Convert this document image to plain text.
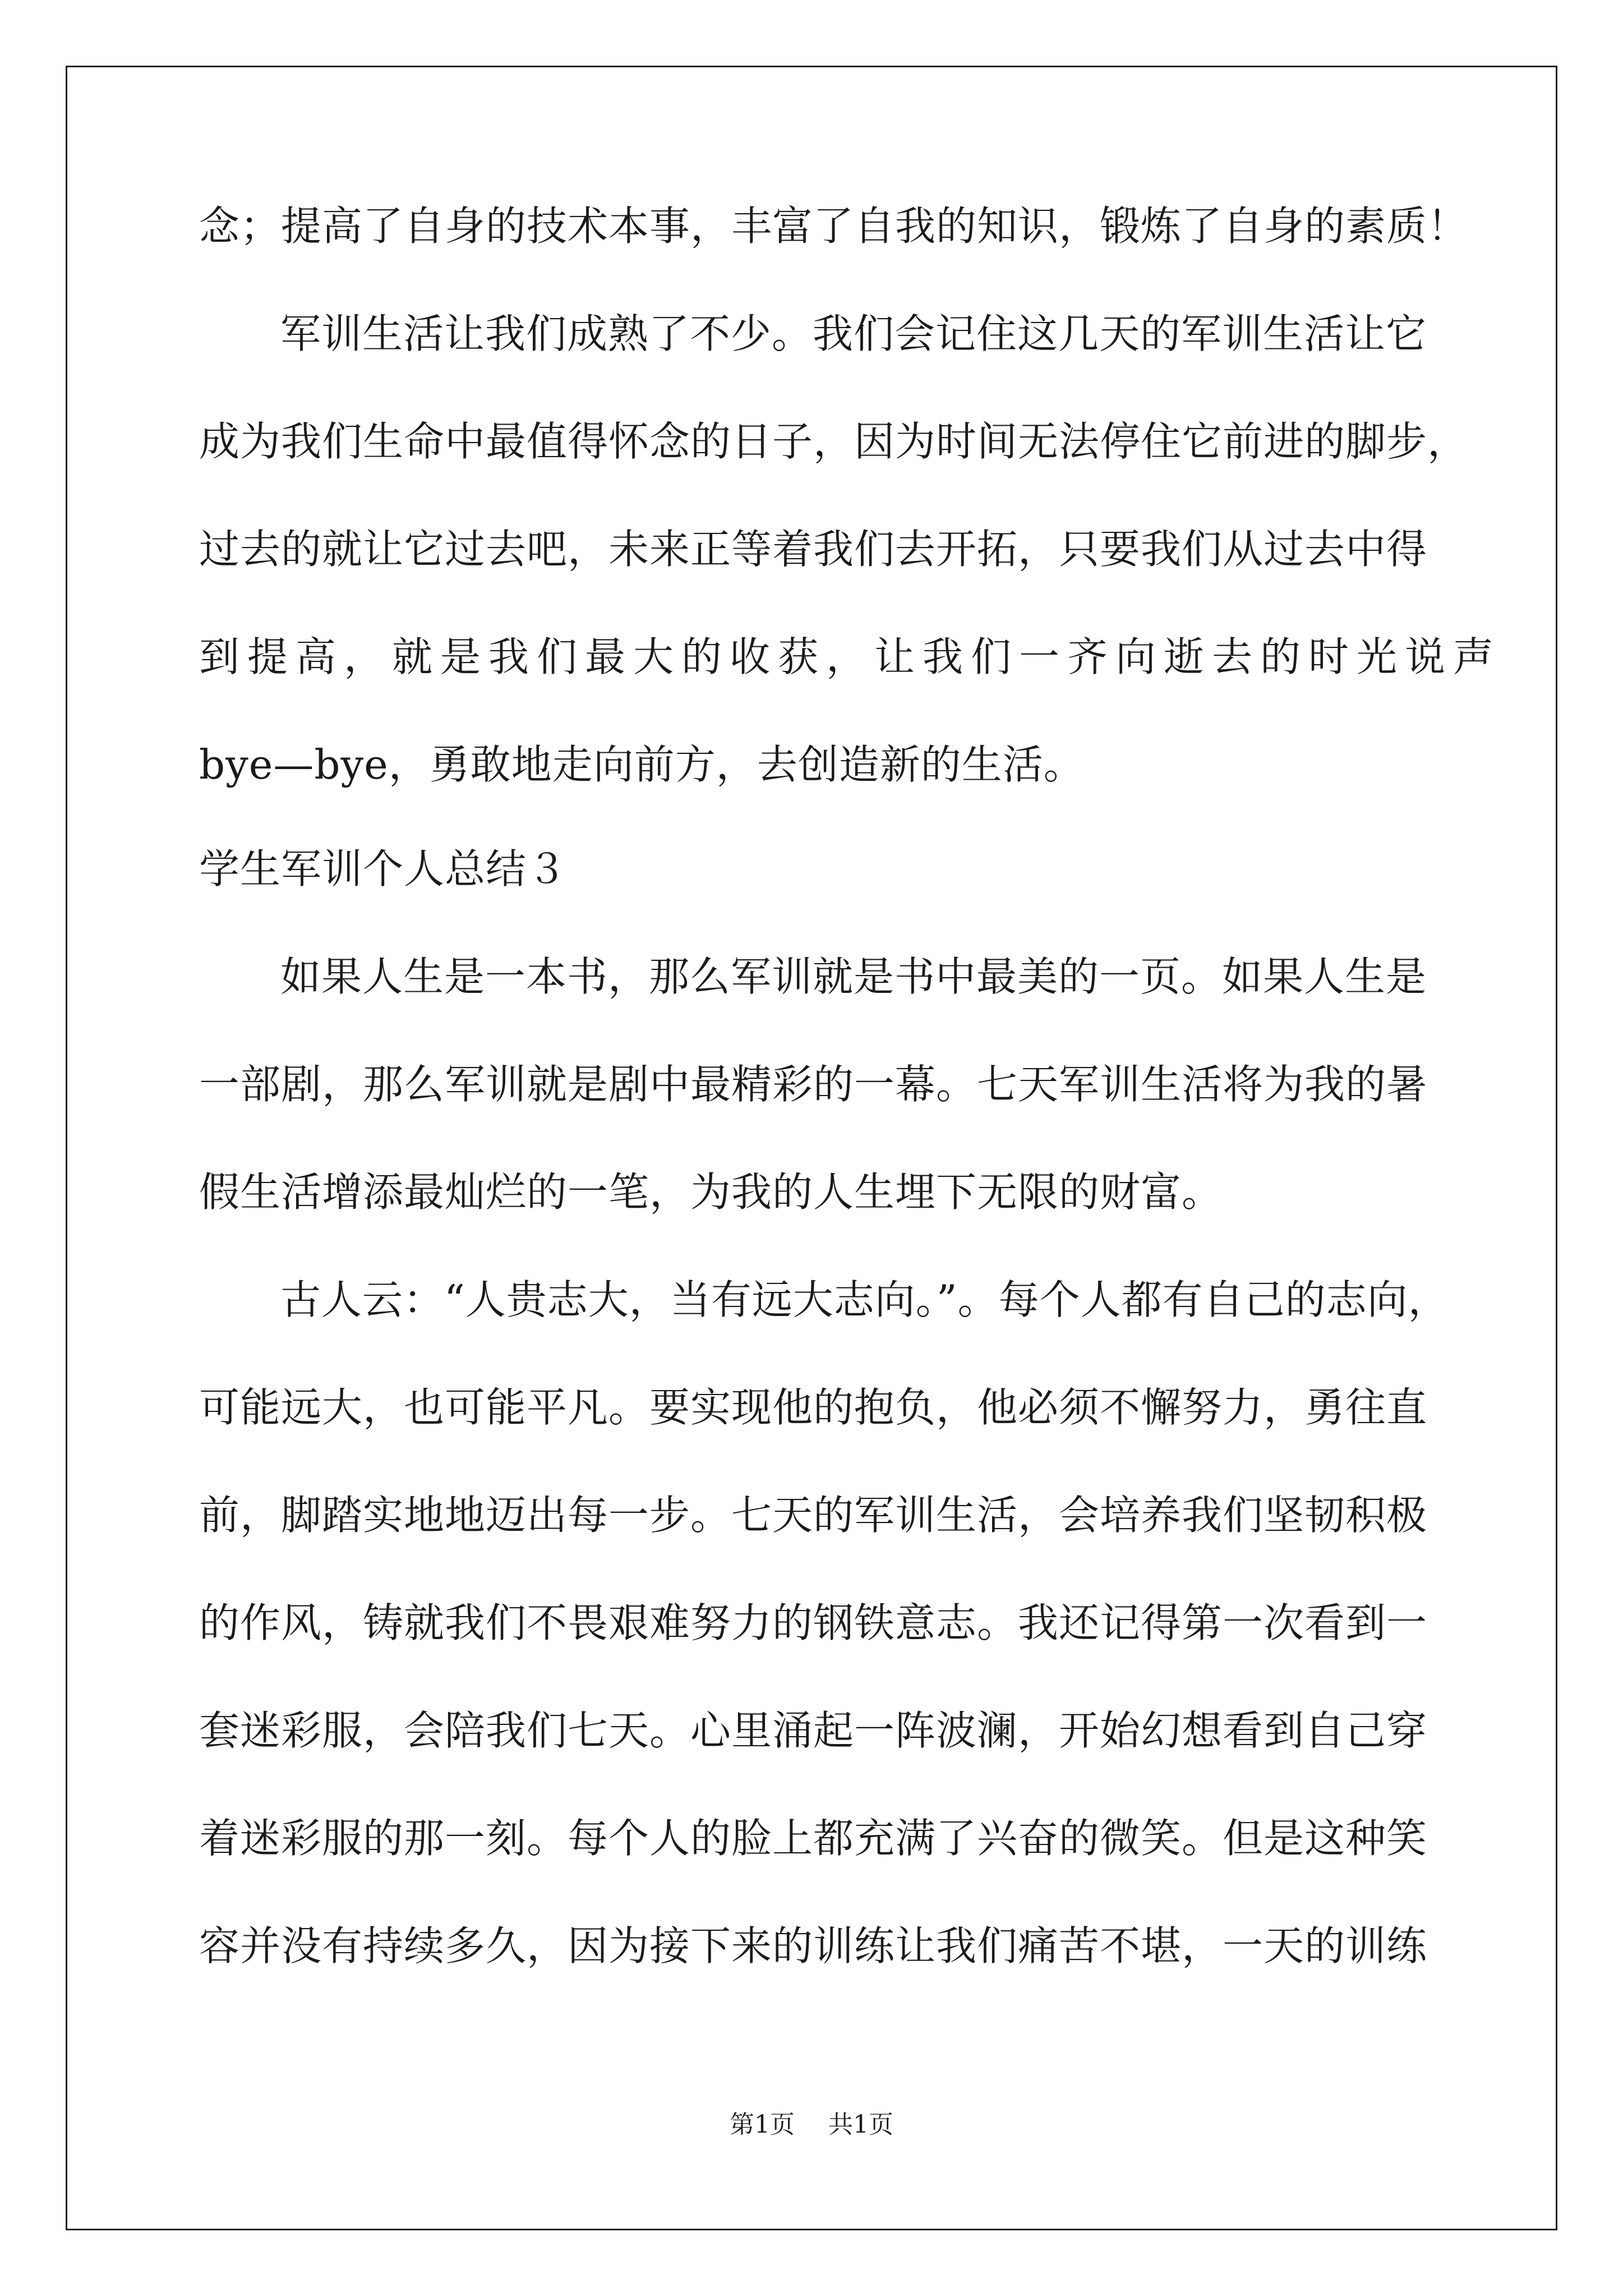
念；提高了自身的技术本事，丰富了自我的知识，锻炼了自身的素质！
军训生活让我们成熟了不少。我们会记住这几天的军训生活让它
成为我们生命中最值得怀念的日子，因为时间无法停住它前进的脚步，
过去的就让它过去吧，未来正等着我们去开拓，只要我们从过去中得
到提高，就是我们最大的收获，让我们一齐向逝去的时光说声
bye—bye，勇敢地走向前方，去创造新的生活。
学生军训个人总结３
如果人生是一本书，那么军训就是书中最美的一页。如果人生是
一部剧，那么军训就是剧中最精彩的一幕。七天军训生活将为我的暑
假生活增添最灿烂的一笔，为我的人生埋下无限的财富。
古人云：“人贵志大，当有远大志向。”。每个人都有自己的志向，
可能远大，也可能平凡。要实现他的抱负，他必须不懈努力，勇往直
前，脚踏实地地迈出每一步。七天的军训生活，会培养我们坚韧积极
的作风，铸就我们不畏艰难努力的钢铁意志。我还记得第一次看到一
套迷彩服，会陪我们七天。心里涌起一阵波澜，开始幻想看到自己穿
着迷彩服的那一刻。每个人的脸上都充满了兴奋的微笑。但是这种笑
容并没有持续多久，因为接下来的训练让我们痛苦不堪，一天的训练
第1页 共1页
